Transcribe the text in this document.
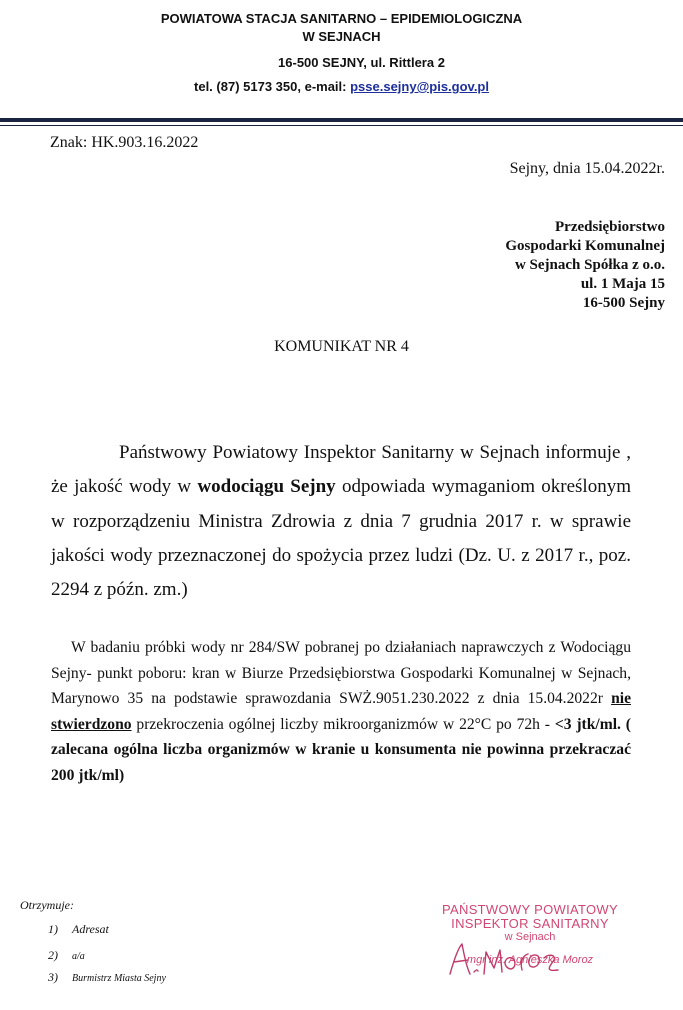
POWIATOWA STACJA SANITARNO – EPIDEMIOLOGICZNA
W SEJNACH
16-500 SEJNY, ul. Rittlera 2
tel. (87) 5173 350, e-mail: psse.sejny@pis.gov.pl
Znak: HK.903.16.2022
Sejny, dnia 15.04.2022r.
Przedsiębiorstwo
Gospodarki Komunalnej
w Sejnach Spółka z o.o.
ul. 1 Maja 15
16-500 Sejny
KOMUNIKAT NR 4
Państwowy Powiatowy Inspektor Sanitarny w Sejnach informuje , że jakość wody w wodociągu Sejny odpowiada wymaganiom określonym w rozporządzeniu Ministra Zdrowia z dnia 7 grudnia 2017 r. w sprawie jakości wody przeznaczonej do spożycia przez ludzi (Dz. U. z 2017 r., poz. 2294 z późn. zm.)
W badaniu próbki wody nr 284/SW pobranej po działaniach naprawczych z Wodociągu Sejny- punkt poboru: kran w Biurze Przedsiębiorstwa Gospodarki Komunalnej w Sejnach, Marynowo 35 na podstawie sprawozdania SWŻ.9051.230.2022 z dnia 15.04.2022r nie stwierdzono przekroczenia ogólnej liczby mikroorganizmów w 22°C po 72h - <3 jtk/ml. ( zalecana ogólna liczba organizmów w kranie u konsumenta nie powinna przekraczać 200 jtk/ml)
Otrzymuje:
1) Adresat
2) a/a
3) Burmistrz Miasta Sejny
PAŃSTWOWY POWIATOWY
INSPEKTOR SANITARNY
w Sejnach
mgr inż. Agnieszka Moroz
